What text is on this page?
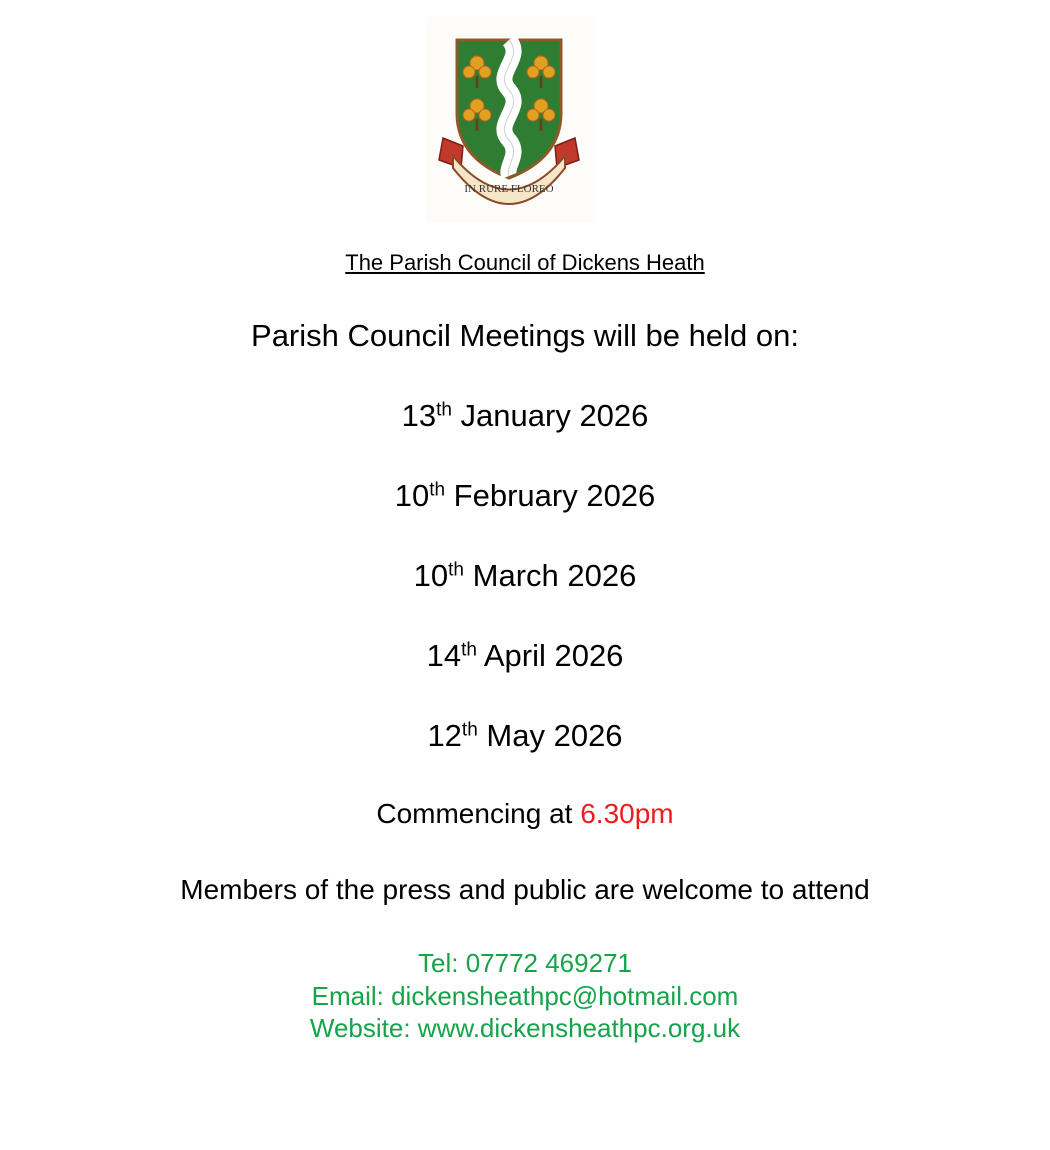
IN RURE FLOREO
The Parish Council of Dickens Heath
Parish Council Meetings will be held on:
13th January 2026
10th February 2026
10th March 2026
14th April 2026
12th May 2026
Commencing at 6.30pm
Members of the press and public are welcome to attend
Tel: 07772 469271
Email: dickensheathpc@hotmail.com
Website: www.dickensheathpc.org.uk
